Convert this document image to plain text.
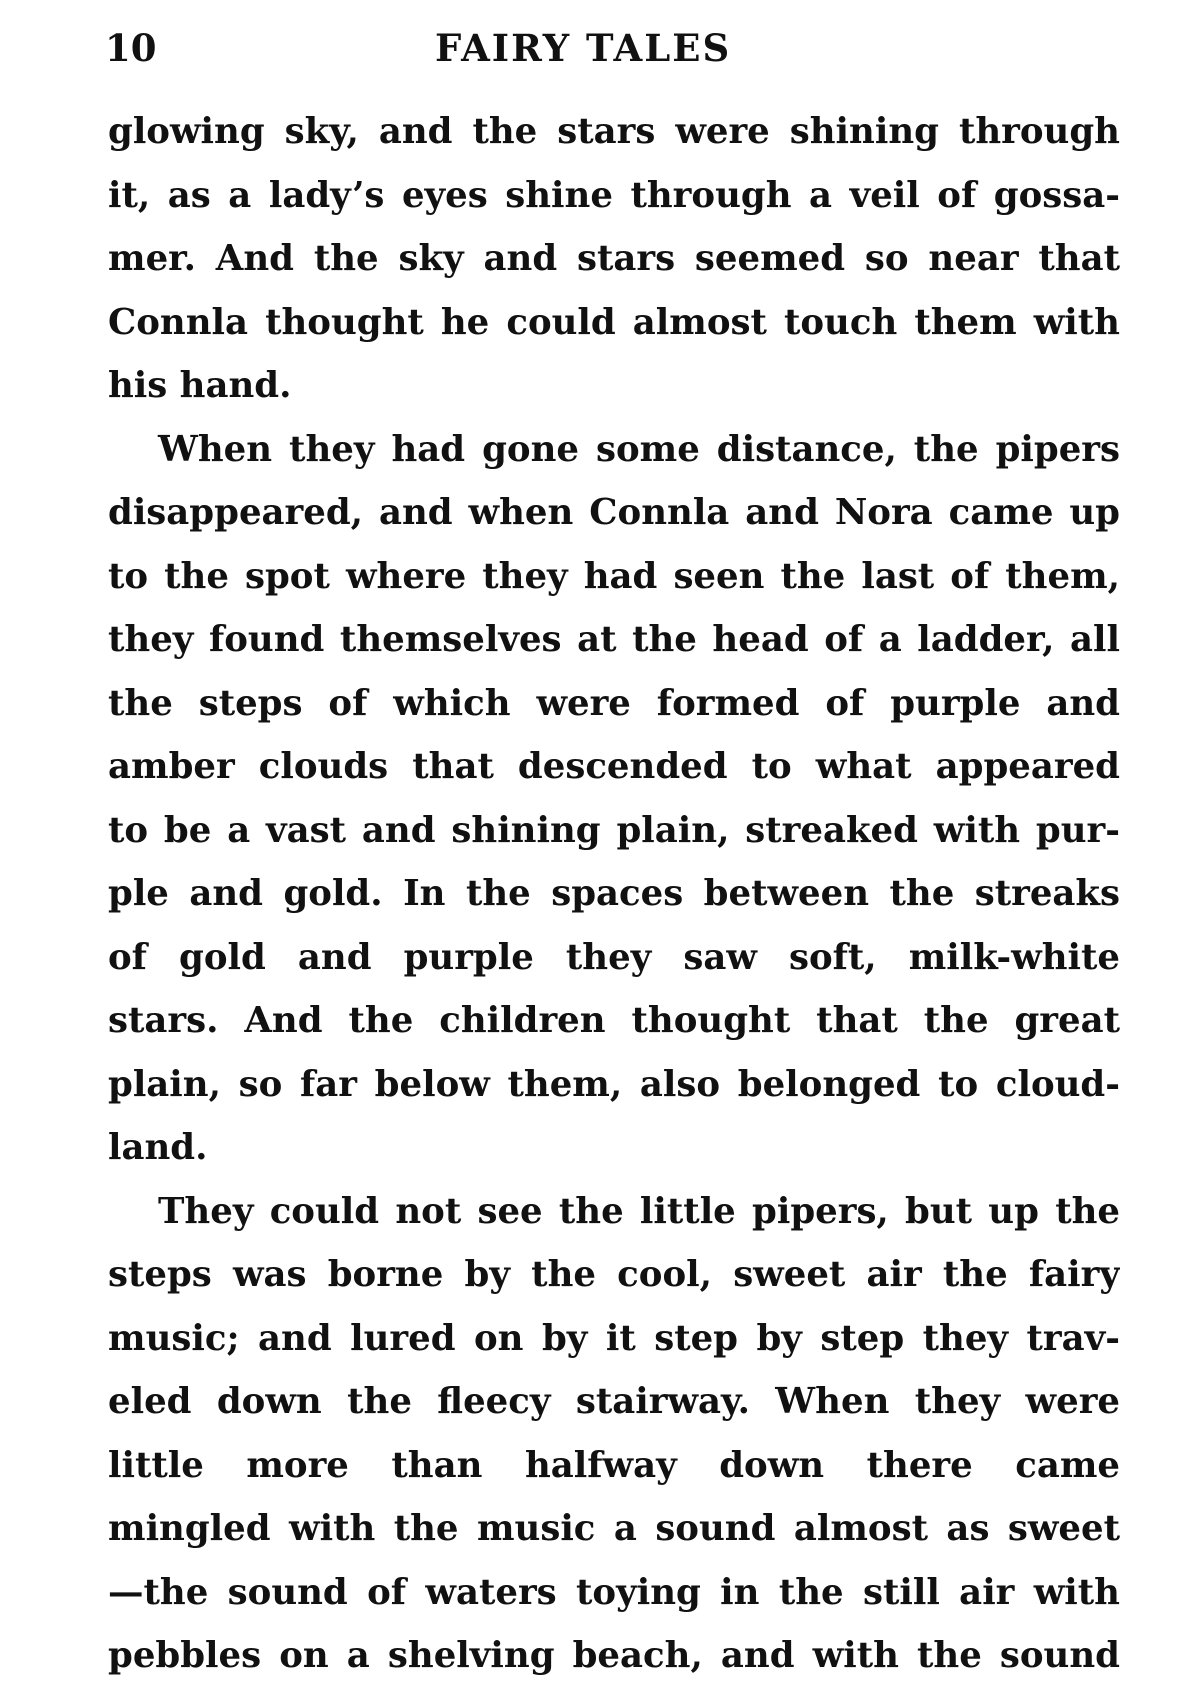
10	FAIRY TALES
glowing sky, and the stars were shining through
it, as a lady’s eyes shine through a veil of gossa-
mer. And the sky and stars seemed so near that
Connla thought he could almost touch them with
his hand.
When they had gone some distance, the pipers
disappeared, and when Connla and Nora came up
to the spot where they had seen the last of them,
they found themselves at the head of a ladder, all
the steps of which were formed of purple and
amber clouds that descended to what appeared
to be a vast and shining plain, streaked with pur-
ple and gold. In the spaces between the streaks
of gold and purple they saw soft, milk-white
stars. And the children thought that the great
plain, so far below them, also belonged to cloud-
land.
They could not see the little pipers, but up the
steps was borne by the cool, sweet air the fairy
music; and lured on by it step by step they trav-
eled down the fleecy stairway. When they were
little more than halfway down there came
mingled with the music a sound almost as sweet
—the sound of waters toying in the still air with
pebbles on a shelving beach, and with the sound
